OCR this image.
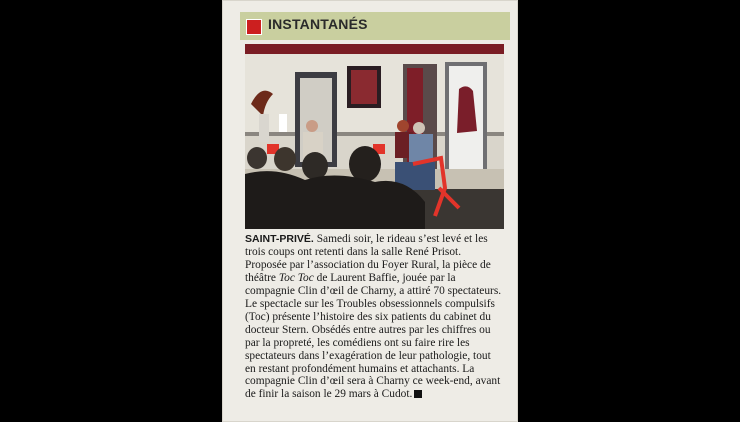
INSTANTANÉS
SAINT-PRIVÉ. Samedi soir, le rideau s’est levé et les trois coups ont retenti dans la salle René Prisot. Proposée par l’association du Foyer Rural, la pièce de théâtre Toc Toc de Laurent Baffie, jouée par la compagnie Clin d’œil de Charny, a attiré 70 spectateurs. Le spectacle sur les Troubles obsessionnels compulsifs (Toc) présente l’histoire des six patients du cabinet du docteur Stern. Obsédés entre autres par les chiffres ou par la propreté, les comédiens ont su faire rire les spectateurs dans l’exagération de leur pathologie, tout en restant profondément humains et attachants. La compagnie Clin d’œil sera à Charny ce week-end, avant de finir la saison le 29 mars à Cudot.
